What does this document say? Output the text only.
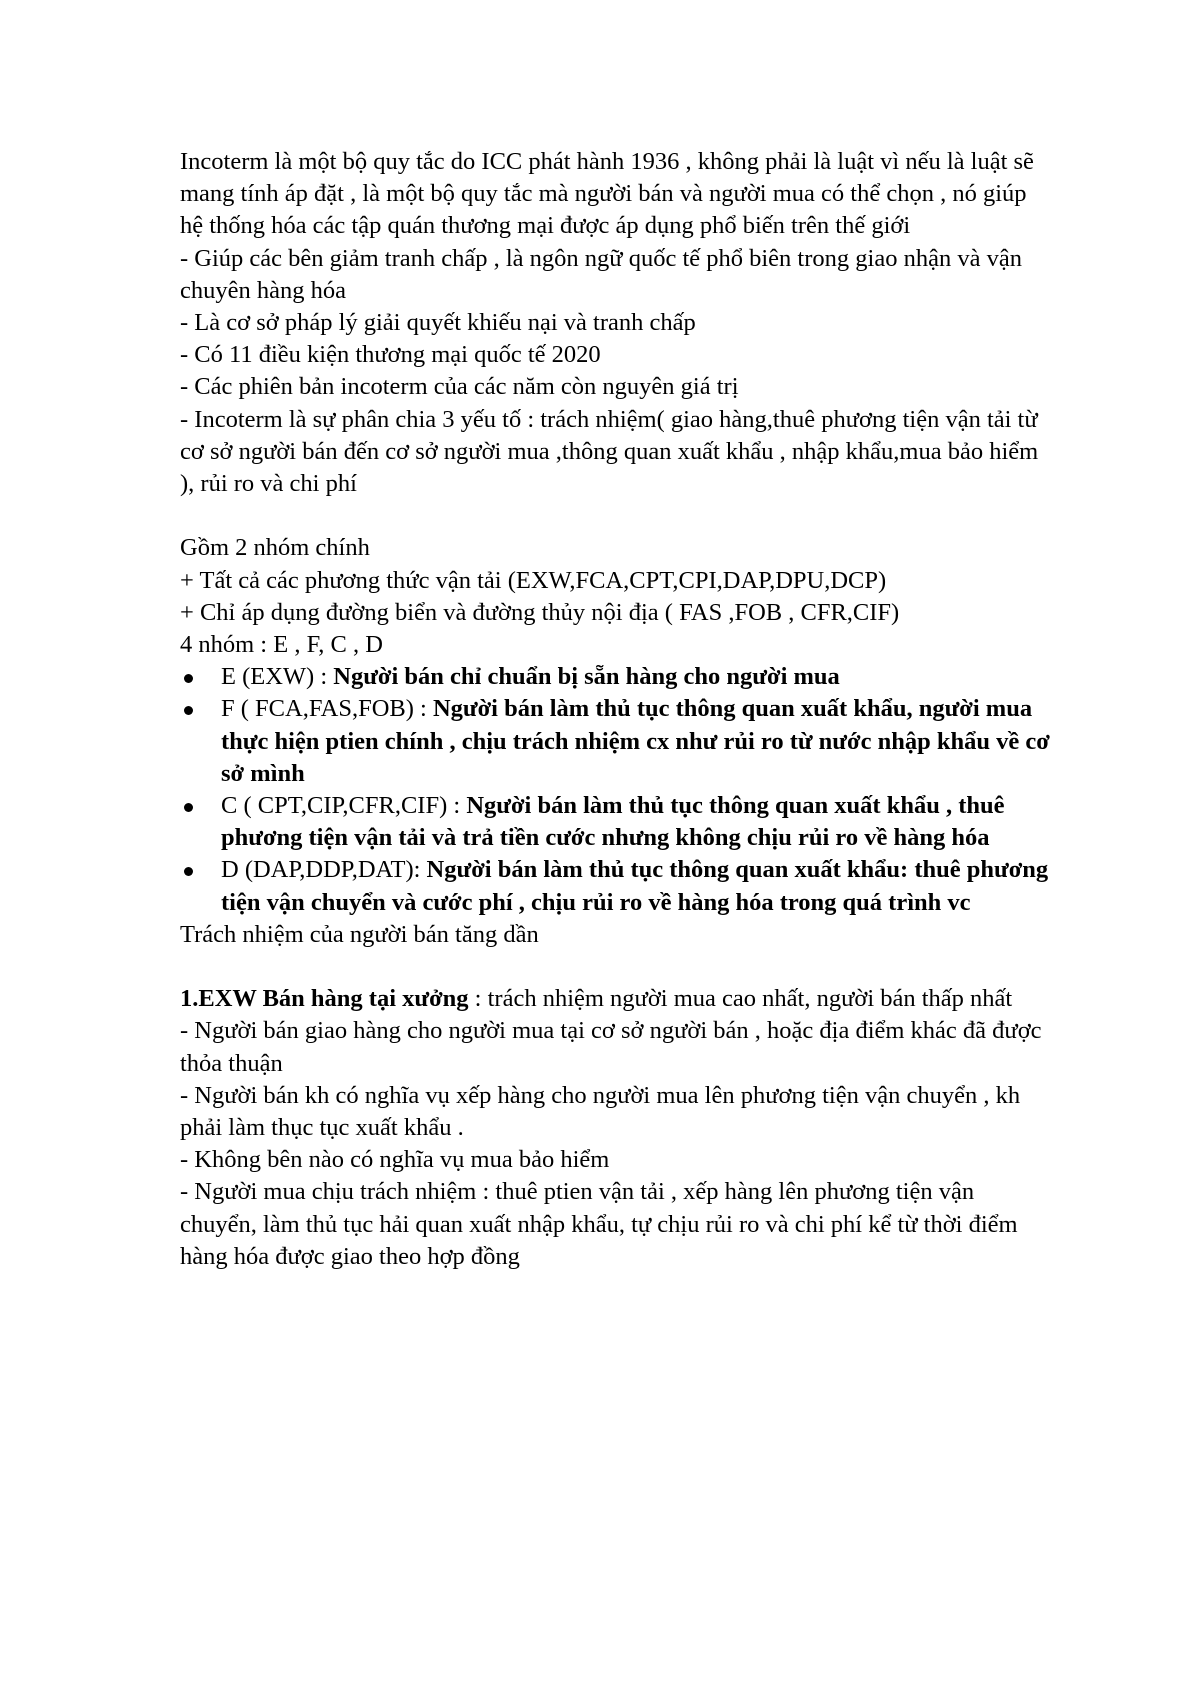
Incoterm là một bộ quy tắc do ICC phát hành 1936 , không phải là luật vì nếu là luật sẽ mang tính áp đặt , là một bộ quy tắc mà người bán và người mua có thể chọn , nó giúp hệ thống hóa các tập quán thương mại được áp dụng phổ biến trên thế giới

- Giúp các bên giảm tranh chấp , là ngôn ngữ quốc tế phổ biên trong giao nhận và vận chuyên hàng hóa

- Là cơ sở pháp lý giải quyết khiếu nại và tranh chấp

- Có 11 điều kiện thương mại quốc tế 2020

- Các phiên bản incoterm của các năm còn nguyên giá trị

- Incoterm là sự phân chia 3 yếu tố : trách nhiệm( giao hàng,thuê phương tiện vận tải từ cơ sở người bán đến cơ sở người mua ,thông quan xuất khẩu , nhập khẩu,mua bảo hiểm ), rủi ro và chi phí

Gồm 2 nhóm chính

+ Tất cả các phương thức vận tải (EXW,FCA,CPT,CPI,DAP,DPU,DCP)

+ Chỉ áp dụng đường biển và đường thủy nội địa ( FAS ,FOB , CFR,CIF)

4 nhóm : E , F, C , D

E (EXW) : Người bán chỉ chuẩn bị sẵn hàng cho người mua
F ( FCA,FAS,FOB) : Người bán làm thủ tục thông quan xuất khẩu, người mua thực hiện ptien chính , chịu trách nhiệm cx như rủi ro từ nước nhập khẩu về cơ sở mình
C ( CPT,CIP,CFR,CIF) : Người bán làm thủ tục thông quan xuất khẩu , thuê phương tiện vận tải và trả tiền cước nhưng không chịu rủi ro về hàng hóa
D (DAP,DDP,DAT): Người bán làm thủ tục thông quan xuất khẩu: thuê phương tiện vận chuyển và cước phí , chịu rủi ro về hàng hóa trong quá trình vc

Trách nhiệm của người bán tăng dần

1.EXW Bán hàng tại xưởng : trách nhiệm người mua cao nhất, người bán thấp nhất

- Người bán giao hàng cho người mua tại cơ sở người bán , hoặc địa điểm khác đã được thỏa thuận

- Người bán kh có nghĩa vụ xếp hàng cho người mua lên phương tiện vận chuyển , kh phải làm thục tục xuất khẩu .

- Không bên nào có nghĩa vụ mua bảo hiểm

- Người mua chịu trách nhiệm : thuê ptien vận tải , xếp hàng lên phương tiện vận chuyển, làm thủ tục hải quan xuất nhập khẩu, tự chịu rủi ro và chi phí kể từ thời điểm hàng hóa được giao theo hợp đồng
